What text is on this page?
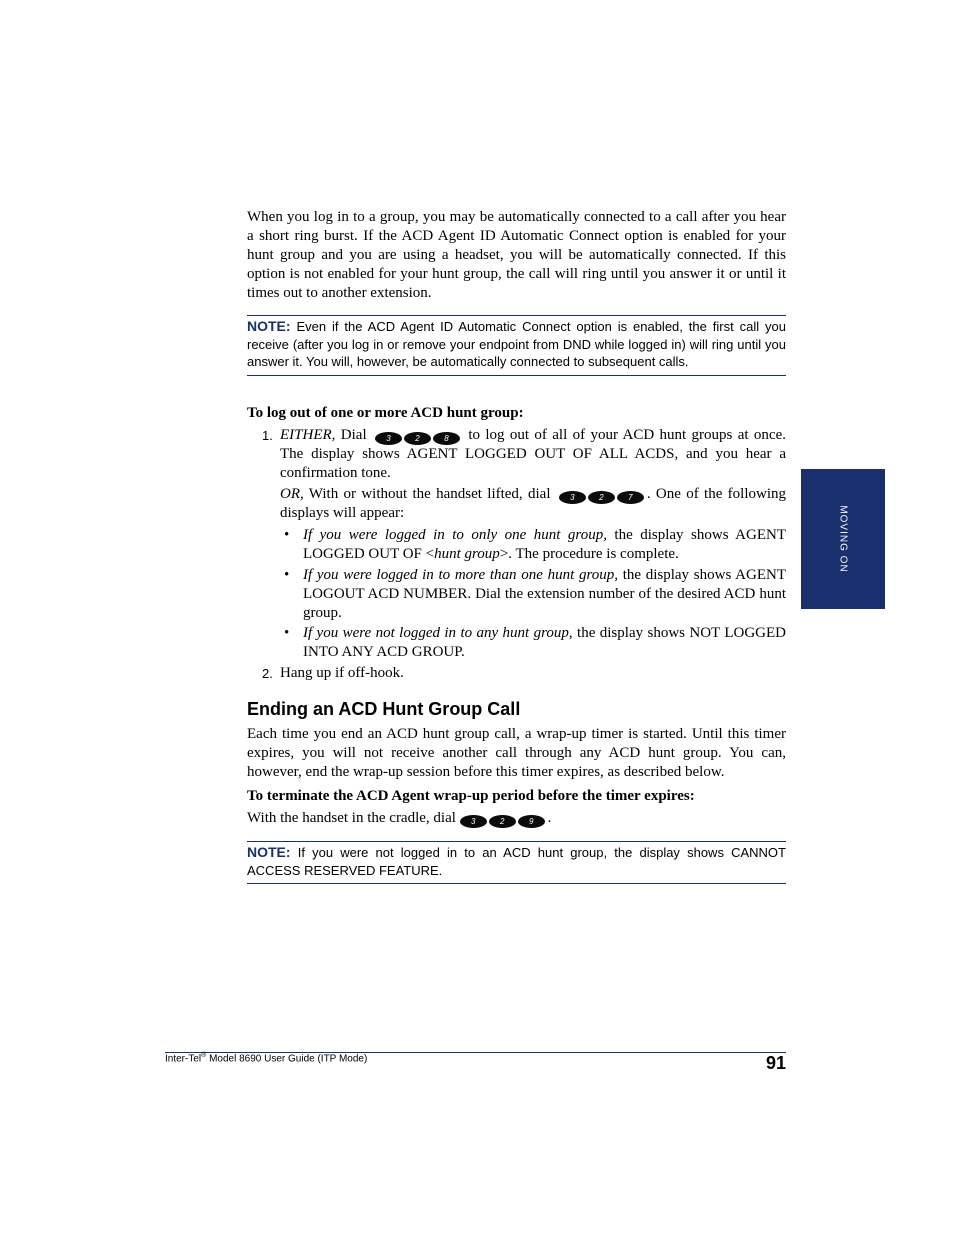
When you log in to a group, you may be automatically connected to a call after you hear a short ring burst. If the ACD Agent ID Automatic Connect option is enabled for your hunt group and you are using a headset, you will be automatically connected. If this option is not enabled for your hunt group, the call will ring until you answer it or until it times out to another extension.

NOTE: Even if the ACD Agent ID Automatic Connect option is enabled, the first call you receive (after you log in or remove your endpoint from DND while logged in) will ring until you answer it. You will, however, be automatically connected to subsequent calls.

To log out of one or more ACD hunt group:

1. EITHER, Dial	3	2	8 to log out of all of your ACD hunt groups at once. The display shows AGENT LOGGED OUT OF ALL ACDS, and you hear a confirmation tone.
OR, With or without the handset lifted, dial	3	2	7 . One of the following displays will appear:
• If you were logged in to only one hunt group, the display shows AGENT LOGGED OUT OF <hunt group>. The procedure is complete.
• If you were logged in to more than one hunt group, the display shows AGENT LOGOUT ACD NUMBER. Dial the extension number of the desired ACD hunt group.
• If you were not logged in to any hunt group, the display shows NOT LOGGED INTO ANY ACD GROUP.
2. Hang up if off-hook.
Ending an ACD Hunt Group Call

Each time you end an ACD hunt group call, a wrap-up timer is started. Until this timer expires, you will not receive another call through any ACD hunt group. You can, however, end the wrap-up session before this timer expires, as described below.

To terminate the ACD Agent wrap-up period before the timer expires:

With the handset in the cradle, dial	3	2	9 .

NOTE: If you were not logged in to an ACD hunt group, the display shows CANNOT ACCESS RESERVED FEATURE.
MOVING ON
Inter-Tel® Model 8690 User Guide (ITP Mode)	91
